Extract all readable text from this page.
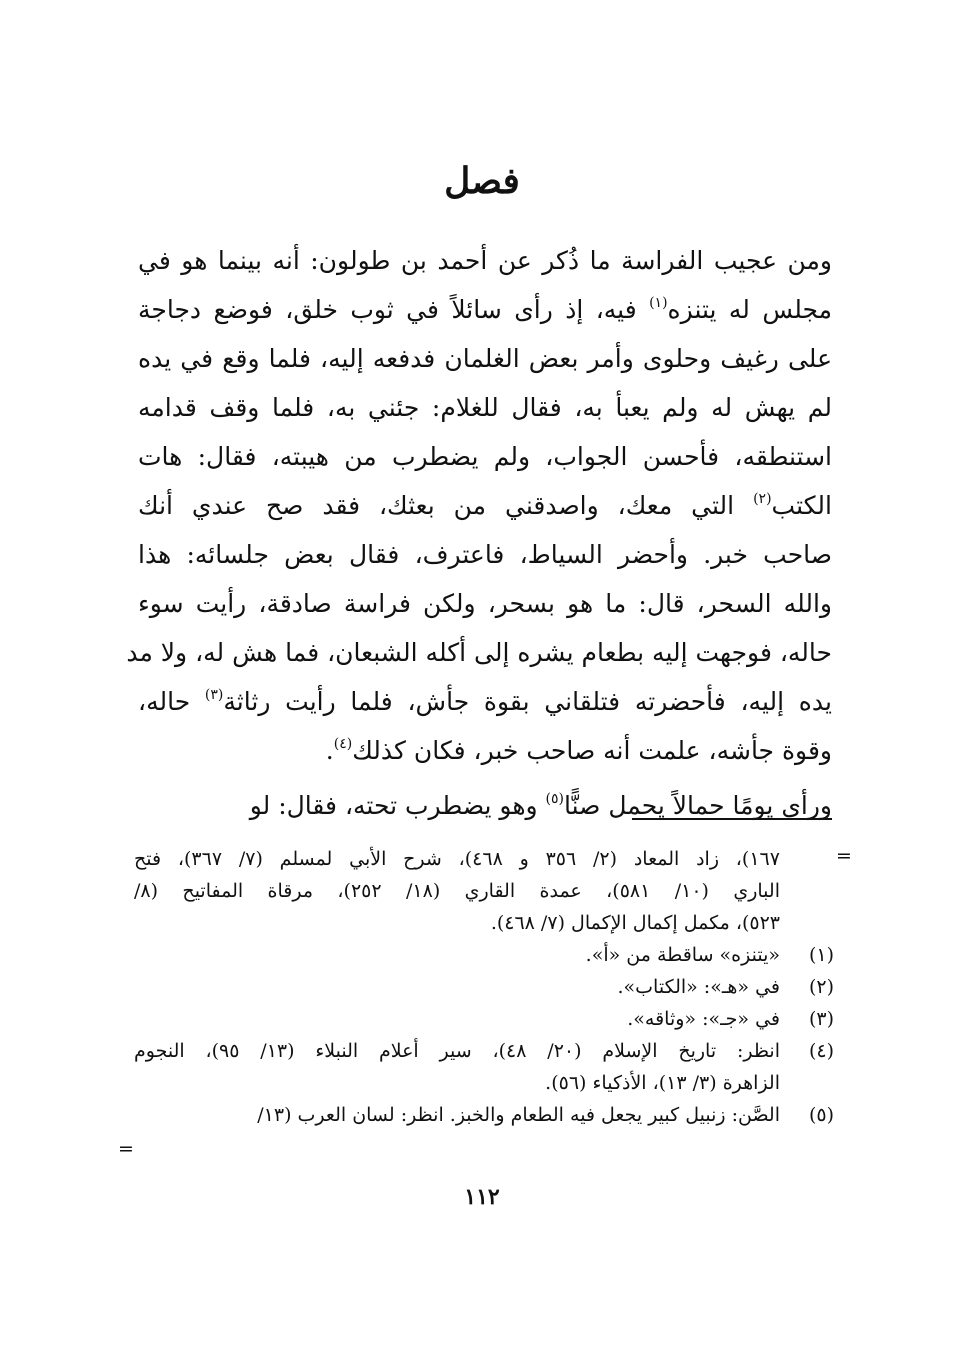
فصل
ومن عجيب الفراسة ما ذُكر عن أحمد بن طولون: أنه بينما هو في
مجلس له يتنزه$^{(١)}$ فيه، إذ رأى سائلاً في ثوب خلق، فوضع دجاجة
على رغيف وحلوى وأمر بعض الغلمان فدفعه إليه، فلما وقع في يده
لم يهش له ولم يعبأ به، فقال للغلام: جئني به، فلما وقف قدامه
استنطقه، فأحسن الجواب، ولم يضطرب من هيبته، فقال: هات
الكتب$^{(٢)}$ التي معك، واصدقني من بعثك، فقد صح عندي أنك
صاحب خبر. وأحضر السياط، فاعترف، فقال بعض جلسائه: هذا
والله السحر، قال: ما هو بسحر، ولكن فراسة صادقة، رأيت سوء
حاله، فوجهت إليه بطعام يشره إلى أكله الشبعان، فما هش له، ولا مد
يده إليه، فأحضرته فتلقاني بقوة جأش، فلما رأيت رثاثة$^{(٣)}$ حاله،
وقوة جأشه، علمت أنه صاحب خبر، فكان كذلك$^{(٤)}$.
ورأى يومًا حمالاً يحمل صنًّا$^{(٥)}$ وهو يضطرب تحته، فقال: لو
=
١٦٧)، زاد المعاد (٢/ ٣٥٦ و ٤٦٨)، شرح الأبي لمسلم (٧/ ٣٦٧)، فتح
الباري (١٠/ ٥٨١)، عمدة القاري (١٨/ ٢٥٢)، مرقاة المفاتيح (٨/
٥٢٣)، مكمل إكمال الإكمال (٧/ ٤٦٨).
(١)
«يتنزه» ساقطة من «أ».
(٢)
في «هـ»: «الكتاب».
(٣)
في «جـ»: «وثاقه».
(٤)
انظر: تاريخ الإسلام (٢٠/ ٤٨)، سير أعلام النبلاء (١٣/ ٩٥)، النجوم
الزاهرة (٣/ ١٣)، الأذكياء (٥٦).
(٥)
الصَّن: زنبيل كبير يجعل فيه الطعام والخبز. انظر: لسان العرب (١٣/
=
١١٢
